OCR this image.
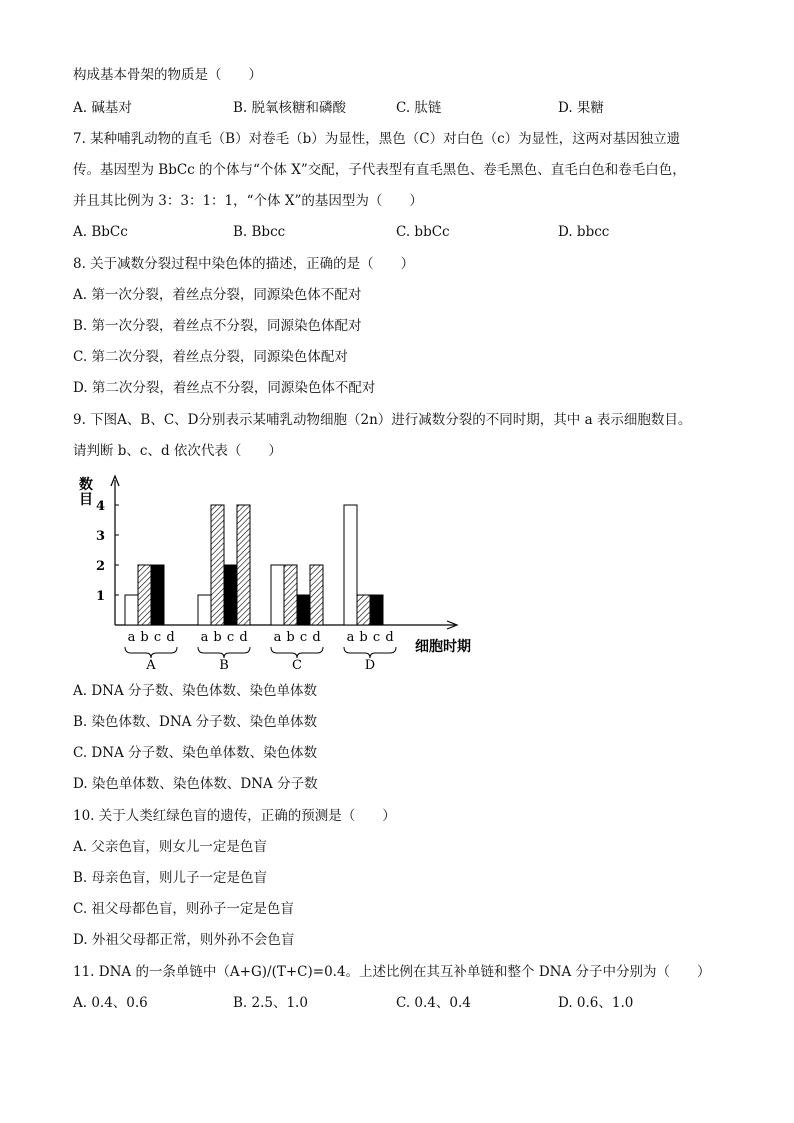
构成基本骨架的物质是（　　）
A. 碱基对	B. 脱氧核糖和磷酸	C. 肽链	D. 果糖
7. 某种哺乳动物的直毛（B）对卷毛（b）为显性，黑色（C）对白色（c）为显性，这两对基因独立遗
传。基因型为 BbCc 的个体与“个体 X”交配，子代表型有直毛黑色、卷毛黑色、直毛白色和卷毛白色，
并且其比例为 3：3：1：1，“个体 X”的基因型为（　　）
A. BbCc	B. Bbcc	C. bbCc	D. bbcc
8. 关于减数分裂过程中染色体的描述，正确的是（　　）
A. 第一次分裂，着丝点分裂，同源染色体不配对
B. 第一次分裂，着丝点不分裂，同源染色体配对
C. 第二次分裂，着丝点分裂，同源染色体配对
D. 第二次分裂，着丝点不分裂，同源染色体不配对
9. 下图A、B、C、D分别表示某哺乳动物细胞（2n）进行减数分裂的不同时期，其中 a 表示细胞数目。
请判断 b、c、d 依次代表（　　）
数
目
1
2
3
4
a b c d
A
a b c d
B
a b c d
C
a b c d
D
细胞时期
A. DNA 分子数、染色体数、染色单体数
B. 染色体数、DNA 分子数、染色单体数
C. DNA 分子数、染色单体数、染色体数
D. 染色单体数、染色体数、DNA 分子数
10. 关于人类红绿色盲的遗传，正确的预测是（　　）
A. 父亲色盲，则女儿一定是色盲
B. 母亲色盲，则儿子一定是色盲
C. 祖父母都色盲，则孙子一定是色盲
D. 外祖父母都正常，则外孙不会色盲
11. DNA 的一条单链中（A+G)/(T+C)=0.4。上述比例在其互补单链和整个 DNA 分子中分别为（　　）
A. 0.4、0.6	B. 2.5、1.0	C. 0.4、0.4	D. 0.6、1.0
